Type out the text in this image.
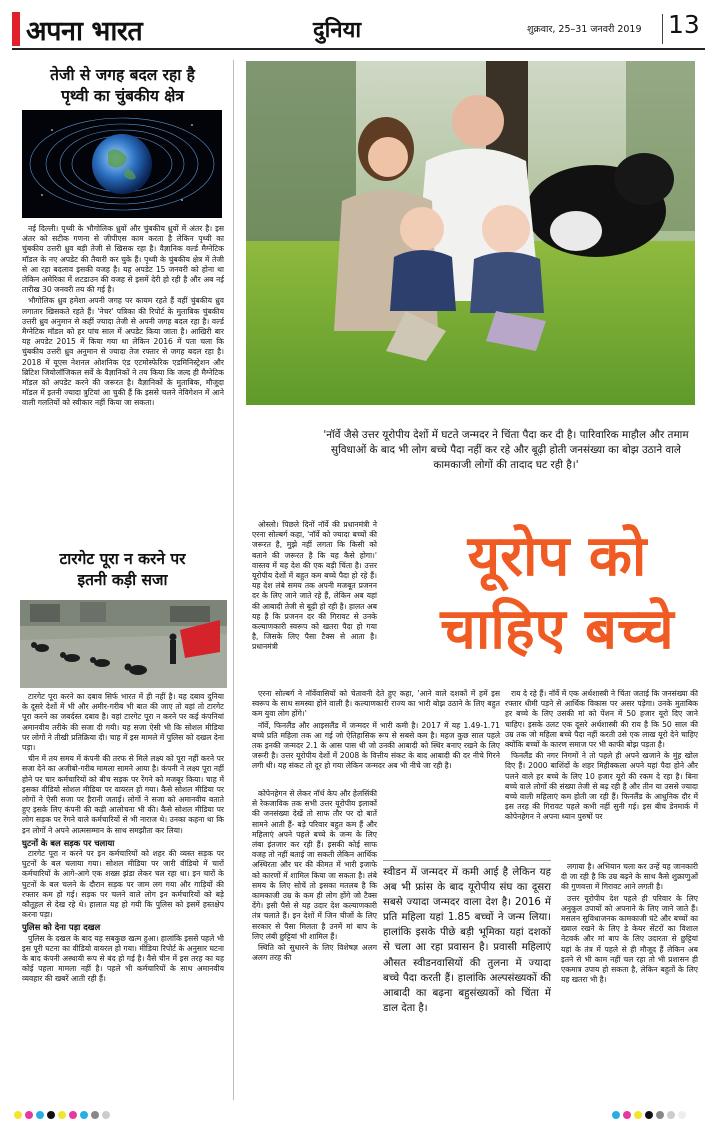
अपना भारत	दुनिया	शुक्रवार, 25–31 जनवरी 2019 13
तेजी से जगह बदल रहा है
पृथ्वी का चुंबकीय क्षेत्र

नई दिल्ली। पृथ्वी के भौगोलिक ध्रुवों और चुंबकीय ध्रुवों में अंतर है। इस अंतर को सटीक गणना से जीपीएस काम करता है लेकिन पृथ्वी का चुंबकीय उत्तरी ध्रुव बड़ी तेजी से खिसक रहा है। वैज्ञानिक वर्ल्ड मैग्नेटिक मॉडल के नए अपडेट की तैयारी कर चुके हैं। पृथ्वी के चुंबकीय क्षेत्र में तेजी से आ रहा बदलाव इसकी वजह है। यह अपडेट 15 जनवरी को होना था लेकिन अमेरिका में शटडाउन की वजह से इसमें देरी हो रही है और अब नई तारीख 30 जनवरी तय की गई है।

भौगोलिक ध्रुव हमेशा अपनी जगह पर कायम रहते हैं वहीं चुंबकीय ध्रुव लगातार खिसकते रहते हैं। 'नेचर' पत्रिका की रिपोर्ट के मुताबिक चुंबकीय उत्तरी ध्रुव अनुमान से कहीं ज्यादा तेजी से अपनी जगह बदल रहा है। वर्ल्ड मैग्नेटिक मॉडल को हर पांच साल में अपडेट किया जाता है। आखिरी बार यह अपडेट 2015 में किया गया था लेकिन 2016 में पता चला कि चुंबकीय उत्तरी ध्रुव अनुमान से ज्यादा तेज रफ्तार से जगह बदल रहा है। 2018 में यूएस नेशनल ओशनिक एंड एटमोस्फेरिक एडमिनिस्ट्रेशन और ब्रिटिश जियोलॉजिकल सर्वे के वैज्ञानिकों ने तय किया कि जल्द ही मैग्नेटिक मॉडल को अपडेट करने की जरूरत है। वैज्ञानिकों के मुताबिक, मौजूदा मॉडल में इतनी ज्यादा त्रुटियां आ चुकी हैं कि इससे चलने नेविगेशन में आने वाली गलतियों को स्वीकार नहीं किया जा सकता।

टारगेट पूरा न करने पर
इतनी कड़ी सजा

टारगेट पूरा करने का दबाव सिर्फ भारत में ही नहीं है। यह दबाव दुनिया के दूसरे देशों में भी और अमीर-गरीब भी बात की जाए तो वहां तो टारगेट पूरा करने का जबर्दस्त दबाव है। वहां टारगेट पूरा न करने पर कई कंपनियां अमानवीय तरीके की सजा दी गयी। यह सजा ऐसी भी कि सोशल मीडिया पर लोगों ने तीखी प्रतिक्रिया दी। चाह में इस मामले में पुलिस को दखल देना पड़ा।

चीन में तय समय में कंपनी की तरफ से मिले लक्ष्य को पूरा नहीं करने पर सजा देने का अजीबो-गरीब मामला सामने आया है। कंपनी ने लक्ष्य पूरा नहीं होने पर चार कर्मचारियों को बीच सड़क पर रेंगने को मजबूर किया। चाह में इसका वीडियो सोशल मीडिया पर वायरल हो गया। कैसे सोशल मीडिया पर लोगों ने ऐसी सजा पर हैरानी जताई। लोगों ने सजा को अमानवीय बताते हुए इसके लिए कंपनी की कड़ी आलोचना भी की। कैसे सोशल मीडिया पर लोग सड़क पर रेंगने वाले कर्मचारियों से भी नाराज थे। उनका कहना था कि इन लोगों ने अपने आत्मसम्मान के साथ समझौता कर लिया।

घुटनों के बल सड़क पर चलाया

टारगेट पूरा न करने पर इन कर्मचारियों को शहर की व्यस्त सड़क पर घुटनों के बल चलाया गया। सोशल मीडिया पर जारी वीडियो में चारों कर्मचारियों के आगे-आगे एक शख्स झंडा लेकर चल रहा था। इन चारों के घुटनों के बल चलने के दौरान सड़क पर जाम लग गया और गाड़ियों की रफ्तार कम हो गई। सड़क पर चलने वाले लोग इन कर्मचारियों को बड़े कौतूहल से देख रहे थे। हालात यह हो गयी कि पुलिस को इसमें हस्तक्षेप करना पड़ा।

पुलिस को देना पड़ा दखल

पुलिस के दखल के बाद यह सबकुछ खत्म हुआ। हालांकि इससे पहले भी इस पूरी घटना का वीडियो वायरल हो गया। मीडिया रिपोर्ट के अनुसार घटना के बाद कंपनी अस्थायी रूप से बंद हो गई है। वैसे चीन में इस तरह का यह कोई पहला मामला नहीं है। पहले भी कर्मचारियों के साथ अमानवीय व्यवहार की खबरें आती रही हैं।

'नॉर्वे जैसे उत्तर यूरोपीय देशों में घटते जन्मदर ने चिंता पैदा कर दी है। पारिवारिक माहौल और तमाम सुविधाओं के बाद भी लोग बच्चे पैदा नहीं कर रहे और बूढ़ी होती जनसंख्या का बोझ उठाने वाले कामकाजी लोगों की तादाद घट रही है।'
यूरोप को
चाहिए बच्चे

ओस्लो। पिछले दिनों नॉर्वे की प्रधानमंत्री ने एरना सोल्बर्ग कहा, 'नॉर्वे को ज्यादा बच्चों की जरूरत है, मुझे नहीं लगता कि किसी को बताने की जरूरत है कि यह कैसे होगा।' वास्तव में यह देश की एक बड़ी चिंता है। उत्तर यूरोपीय देशों में बहुत कम बच्चे पैदा हो रहे हैं। यह देश लंबे समय तक अपनी मजबूत प्रजनन दर के लिए जाने जाते रहे हैं, लेकिन अब यहां की आबादी तेजी से बूढ़ी हो रही है। हालत अब यह है कि प्रजनन दर की गिरावट से उनके कल्याणकारी स्वरूप को खतरा पैदा हो गया है, जिसके लिए पैसा टैक्स से आता है। प्रधानमंत्री

एरना सोल्बर्ग ने नॉर्वेवासियों को चेतावनी देते हुए कहा, 'आने वाले दशकों में हमें इस स्वरूप के साथ समस्या होने वाली है। कल्याणकारी राज्य का भारी बोझ उठाने के लिए बहुत कम युवा लोग होंगे।'

नॉर्वे, फिनलैंड और आइसलैंड में जन्मदर में भारी कमी है। 2017 में यह 1.49-1.71 बच्चे प्रति महिला तक आ गई जो ऐतिहासिक रूप से सबसे कम है। महज कुछ साल पहले तक इनकी जन्मदर 2.1 के आस पास थी जो उनकी आबादी को स्थिर बनाए रखने के लिए जरूरी है। उत्तर यूरोपीय देशों में 2008 के वित्तीय संकट के बाद आबादी की दर नीचे गिरने लगी थी। यह संकट तो दूर हो गया लेकिन जन्मदर अब भी नीचे जा रही है।

कोपेनहेगन से लेकर नॉर्थ केप और हेलसिंकी से रेकजाविक तक सभी उत्तर यूरोपीय इलाकों की जनसंख्या देखें तो साफ तौर पर दो बातें सामने आती हैं- बड़े परिवार बहुत कम हैं और महिलाएं अपने पहले बच्चे के जन्म के लिए लंबा इंतजार कर रही हैं। इसकी कोई साफ वजह तो नहीं बताई जा सकती लेकिन आर्थिक अस्थिरता और घर की कीमत में भारी इजाफे को कारणों में शामिल किया जा सकता है। लंबे समय के लिए सोचें तो इसका मतलब है कि कामकाजी उम्र के कम ही लोग होंगे जो टैक्स देंगे। इसी पैसे से यह उदार देश कल्याणकारी तंत्र चलाते हैं। इन देशों में जिन चीजों के लिए सरकार से पैसा मिलता है उनमें मां बाप के लिए लंबी छुट्टियां भी शामिल हैं।

स्थिति को सुधारने के लिए विशेषज्ञ अलग अलग तरह की

राय दे रहे हैं। नॉर्वे में एक अर्थशास्त्री ने चिंता जताई कि जनसंख्या की रफ्तार धीमी पड़ने से आर्थिक विकास पर असर पड़ेगा। उनके मुताबिक हर बच्चे के लिए उसकी मां को पेंशन में 50 हजार यूरो दिए जाने चाहिए। इसके उलट एक दूसरे अर्थशास्त्री की राय है कि 50 साल की उम्र तक जो महिला बच्चे पैदा नहीं करती उसे एक लाख यूरो देने चाहिए क्योंकि बच्चों के कारण समाज पर भी काफी बोझ पड़ता है।

फिनलैंड की नगर निगमों ने तो पहले ही अपने खजाने के मुंह खोल दिए हैं। 2000 बाशिंदों के शहर मिहीक्कला अपने यहां पैदा होने और पलने वाले हर बच्चे के लिए 10 हजार यूरो की रकम दे रहा है। बिना बच्चे वाले लोगों की संख्या तेजी से बढ़ रही है और तीन या उससे ज्यादा बच्चे वाली महिलाएं कम होती जा रही हैं। फिनलैंड के आधुनिक दौर में इस तरह की गिरावट पहले कभी नहीं सुनी गई। इस बीच डेनमार्क में कोपेनहेगन ने अपना ध्यान पुरुषों पर

लगाया है। अभियान चला कर उन्हें यह जानकारी दी जा रही है कि उम्र बढ़ने के साथ कैसे शुक्राणुओं की गुणवत्ता में गिरावट आने लगती है।

उत्तर यूरोपीय देश पहले ही परिवार के लिए अनुकूल उपायों को अपनाने के लिए जाने जाते हैं। मसलन सुविधाजनक कामकाजी घंटे और बच्चों का ख्याल रखने के लिए डे केयर सेंटरों का विशाल नेटवर्क और मां बाप के लिए उदारता से छुट्टियां यहां के तंत्र में पहले से ही मौजूद हैं लेकिन अब इतने से भी काम नहीं चल रहा तो भी प्रशासन ही एकमात्र उपाय हो सकता है, लेकिन बहुतों के लिए यह खतरा भी है।

स्वीडन में जन्मदर में कमी आई है लेकिन यह अब भी फ्रांस के बाद यूरोपीय संघ का दूसरा सबसे ज्यादा जन्मदर वाला देश है। 2016 में प्रति महिला यहां 1.85 बच्चों ने जन्म लिया। हालांकि इसके पीछे बड़ी भूमिका यहां दशकों से चला आ रहा प्रवासन है। प्रवासी महिलाएं औसत स्वीडनवासियों की तुलना में ज्यादा बच्चे पैदा करती हैं। हालांकि अल्पसंख्यकों की आबादी का बढ़ना बहुसंख्यकों को चिंता में डाल देता है।
